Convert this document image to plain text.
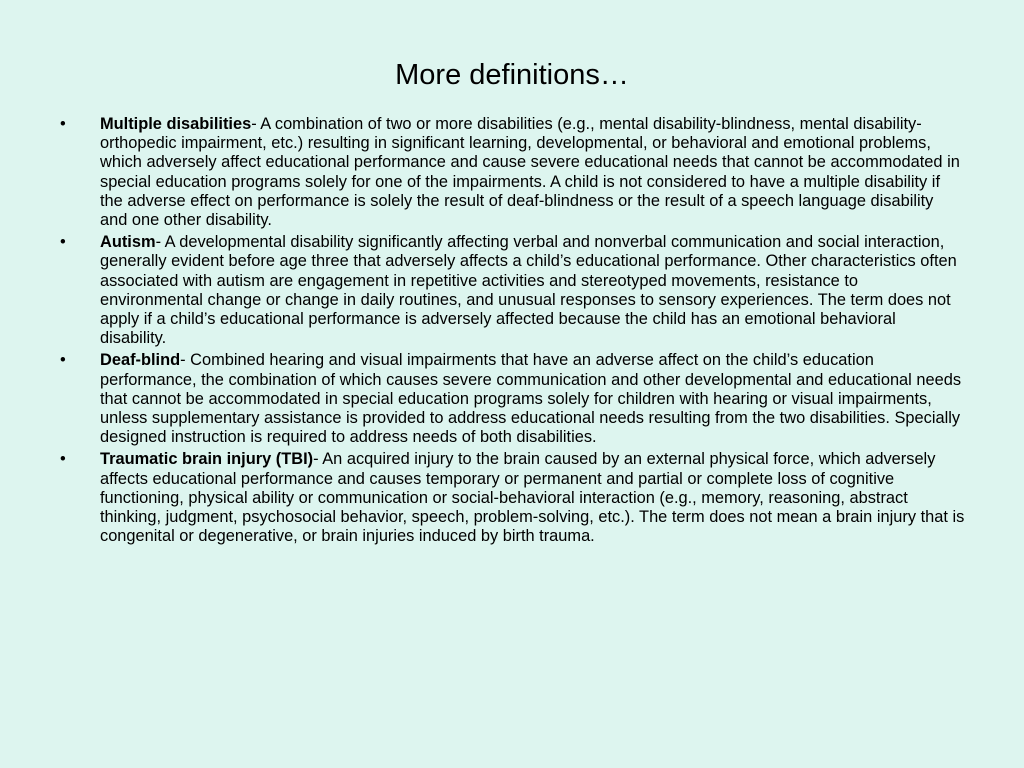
More definitions…
•	Multiple disabilities- A combination of two or more disabilities (e.g., mental disability-blindness, mental disability-orthopedic impairment, etc.) resulting in significant learning, developmental, or behavioral and emotional problems, which adversely affect educational performance and cause severe educational needs that cannot be accommodated in special education programs solely for one of the impairments. A child is not considered to have a multiple disability if the adverse effect on performance is solely the result of deaf-blindness or the result of a speech language disability and one other disability.
•	Autism- A developmental disability significantly affecting verbal and nonverbal communication and social interaction, generally evident before age three that adversely affects a child’s educational performance. Other characteristics often associated with autism are engagement in repetitive activities and stereotyped movements, resistance to environmental change or change in daily routines, and unusual responses to sensory experiences. The term does not apply if a child’s educational performance is adversely affected because the child has an emotional behavioral disability.
•	Deaf-blind- Combined hearing and visual impairments that have an adverse affect on the child’s education performance, the combination of which causes severe communication and other developmental and educational needs that cannot be accommodated in special education programs solely for children with hearing or visual impairments, unless supplementary assistance is provided to address educational needs resulting from the two disabilities. Specially designed instruction is required to address needs of both disabilities.
•	Traumatic brain injury (TBI)- An acquired injury to the brain caused by an external physical force, which adversely affects educational performance and causes temporary or permanent and partial or complete loss of cognitive functioning, physical ability or communication or social-behavioral interaction (e.g., memory, reasoning, abstract thinking, judgment, psychosocial behavior, speech, problem-solving, etc.). The term does not mean a brain injury that is congenital or degenerative, or brain injuries induced by birth trauma.
